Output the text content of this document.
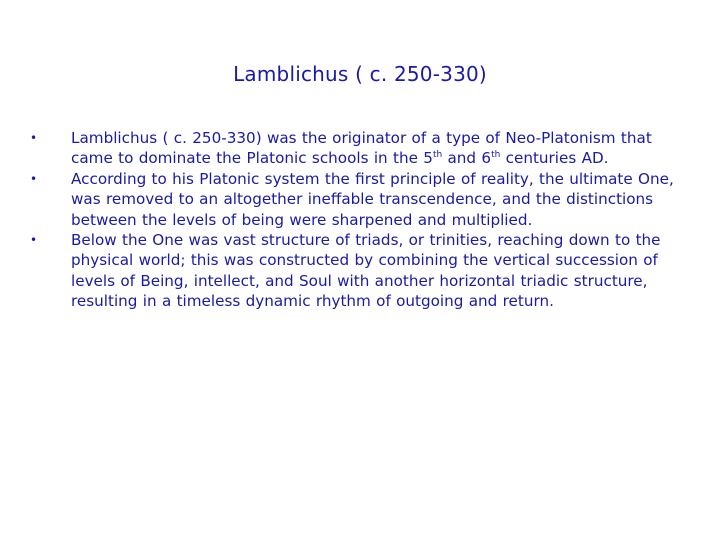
Lamblichus ( c. 250-330)
• Lamblichus ( c. 250-330) was the originator of a type of Neo-Platonism that came to dominate the Platonic schools in the 5th and 6th centuries AD.
• According to his Platonic system the first principle of reality, the ultimate One, was removed to an altogether ineffable transcendence, and the distinctions between the levels of being were sharpened and multiplied.
• Below the One was vast structure of triads, or trinities, reaching down to the physical world; this was constructed by combining the vertical succession of levels of Being, intellect, and Soul with another horizontal triadic structure, resulting in a timeless dynamic rhythm of outgoing and return.
